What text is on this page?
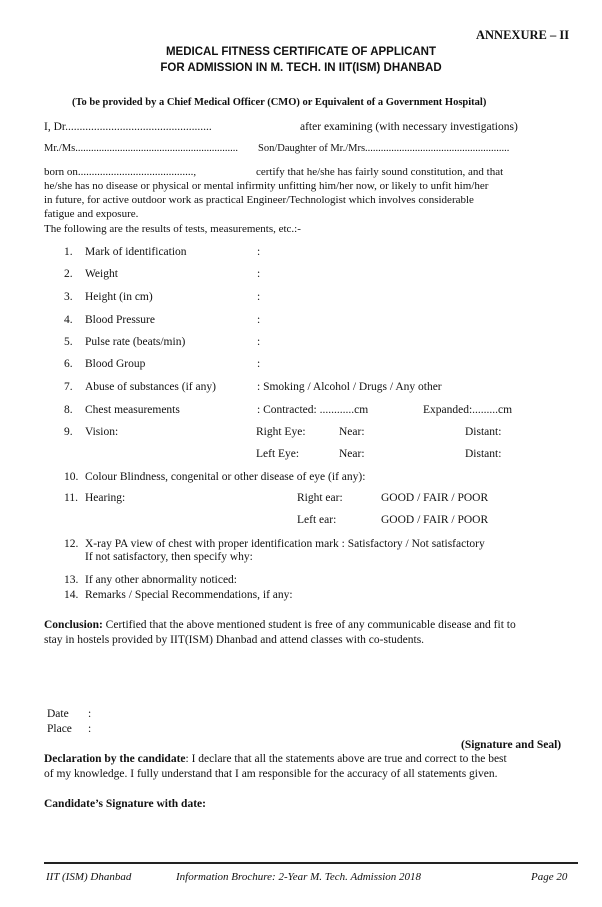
ANNEXURE – II
MEDICAL FITNESS CERTIFICATE OF APPLICANT
FOR ADMISSION IN M. TECH. IN IIT(ISM) DHANBAD
(To be provided by a Chief Medical Officer (CMO) or Equivalent of a Government Hospital)
I, Dr...................................................	after examining (with necessary investigations)
Mr./Ms.............................................................. Son/Daughter of Mr./Mrs.......................................................
born on..........................................,	certify that he/she has fairly sound constitution, and that
he/she has no disease or physical or mental infirmity unfitting him/her now, or likely to unfit him/her
in future, for active outdoor work as practical Engineer/Technologist which involves considerable
fatigue and exposure.
The following are the results of tests, measurements, etc.:-
1. Mark of identification	:
2. Weight	:
3. Height (in cm)	:
4. Blood Pressure	:
5. Pulse rate (beats/min)	:
6. Blood Group	:
7. Abuse of substances (if any)	: Smoking / Alcohol / Drugs / Any other
8. Chest measurements	: Contracted: ............cm	Expanded:.........cm
9. Vision:	Right Eye:	Near:	Distant:
Left Eye:	Near:	Distant:
10. Colour Blindness, congenital or other disease of eye (if any):
11. Hearing:	Right ear:	GOOD / FAIR / POOR
Left ear:	GOOD / FAIR / POOR
12. X-ray PA view of chest with proper identification mark : Satisfactory / Not satisfactory
If not satisfactory, then specify why:
13. If any other abnormality noticed:
14. Remarks / Special Recommendations, if any:
Conclusion: Certified that the above mentioned student is free of any communicable disease and fit to
stay in hostels provided by IIT(ISM) Dhanbad and attend classes with co-students.
Date :
Place :
(Signature and Seal)
Declaration by the candidate: I declare that all the statements above are true and correct to the best
of my knowledge. I fully understand that I am responsible for the accuracy of all statements given.
Candidate’s Signature with date:
IIT (ISM) Dhanbad	Information Brochure: 2-Year M. Tech. Admission 2018	Page 20
